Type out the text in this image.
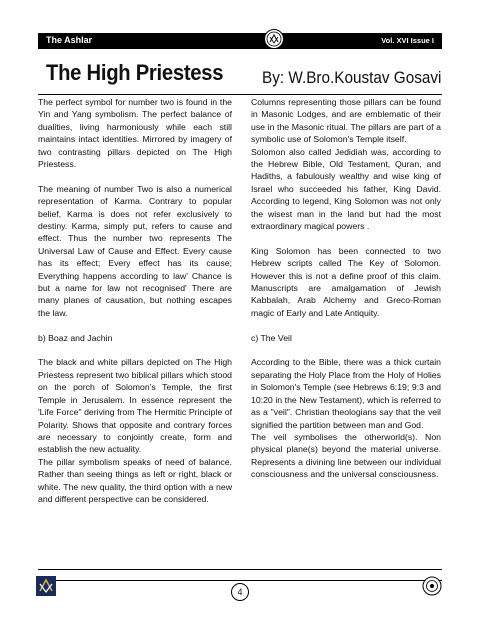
The Ashlar	Vol. XVI Issue I
The High Priestess By: W.Bro.Koustav Gosavi

The perfect symbol for number two is found in the Yin and Yang symbolism. The perfect balance of dualities, living harmoniously while each still maintains intact identities. Mirrored by imagery of two contrasting pillars depicted on The High Priestess.

The meaning of number Two is also a numerical representation of Karma. Contrary to popular belief, Karma is does not refer exclusively to destiny. Karma, simply put, refers to cause and effect. Thus the number two represents The Universal Law of Cause and Effect. Every cause has its effect; Every effect has its cause; Everything happens according to law' Chance is but a name for law not recognised' There are many planes of causation, but nothing escapes the law.

b) Boaz and Jachin

The black and white pillars depicted on The High Priestess represent two biblical pillars which stood on the porch of Solomon's Temple, the first Temple in Jerusalem. In essence represent the 'Life Force" deriving from The Hermitic Principle of Polarity. Shows that opposite and contrary forces are necessary to conjointly create, form and establish the new actuality.

The pillar symbolism speaks of need of balance. Rather than seeing things as left or right, black or white. The new quality, the third option with a new and different perspective can be considered.

Columns representing those pillars can be found in Masonic Lodges, and are emblematic of their use in the Masonic ritual. The pillars are part of a symbolic use of Solomon's Temple itself.

Solomon also called Jedidiah was, according to the Hebrew Bible, Old Testament, Quran, and Hadiths, a fabulously wealthy and wise king of Israel who succeeded his father, King David. According to legend, King Solomon was not only the wisest man in the land but had the most extraordinary magical powers .

King Solomon has been connected to two Hebrew scripts called The Key of Solomon. However this is not a define proof of this claim. Manuscripts are amalgamation of Jewish Kabbalah, Arab Alchemy and Greco-Roman magic of Early and Late Antiquity.

c) The Veil

According to the Bible, there was a thick curtain separating the Holy Place from the Holy of Holies in Solomon's Temple (see Hebrews 6:19; 9:3 and 10:20 in the New Testament), which is referred to as a "veil". Christian theologians say that the veil signified the partition between man and God.

The veil symbolises the otherworld(s). Non physical plane(s) beyond the material universe. Represents a divining line between our individual consciousness and the universal consciousness.

4
